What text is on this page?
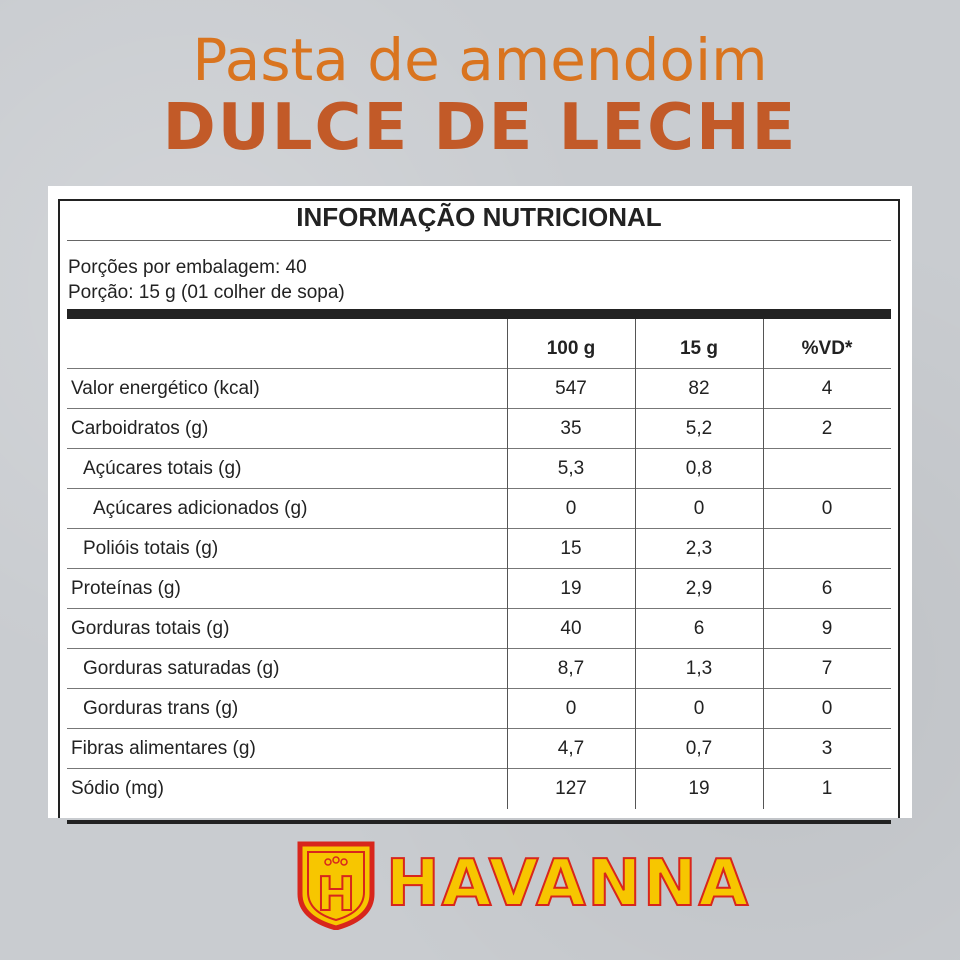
Pasta de amendoim
DULCE DE LECHE
INFORMAÇÃO NUTRICIONAL
Porções por embalagem: 40
Porção: 15 g (01 colher de sopa)
100 g	15 g	%VD*
Valor energético (kcal)	547	82	4
Carboidratos (g)	35	5,2	2
Açúcares totais (g)	5,3	0,8
Açúcares adicionados (g)	0	0	0
Polióis totais (g)	15	2,3
Proteínas (g)	19	2,9	6
Gorduras totais (g)	40	6	9
Gorduras saturadas (g)	8,7	1,3	7
Gorduras trans (g)	0	0	0
Fibras alimentares (g)	4,7	0,7	3
Sódio (mg)	127	19	1
H HAVANNA
